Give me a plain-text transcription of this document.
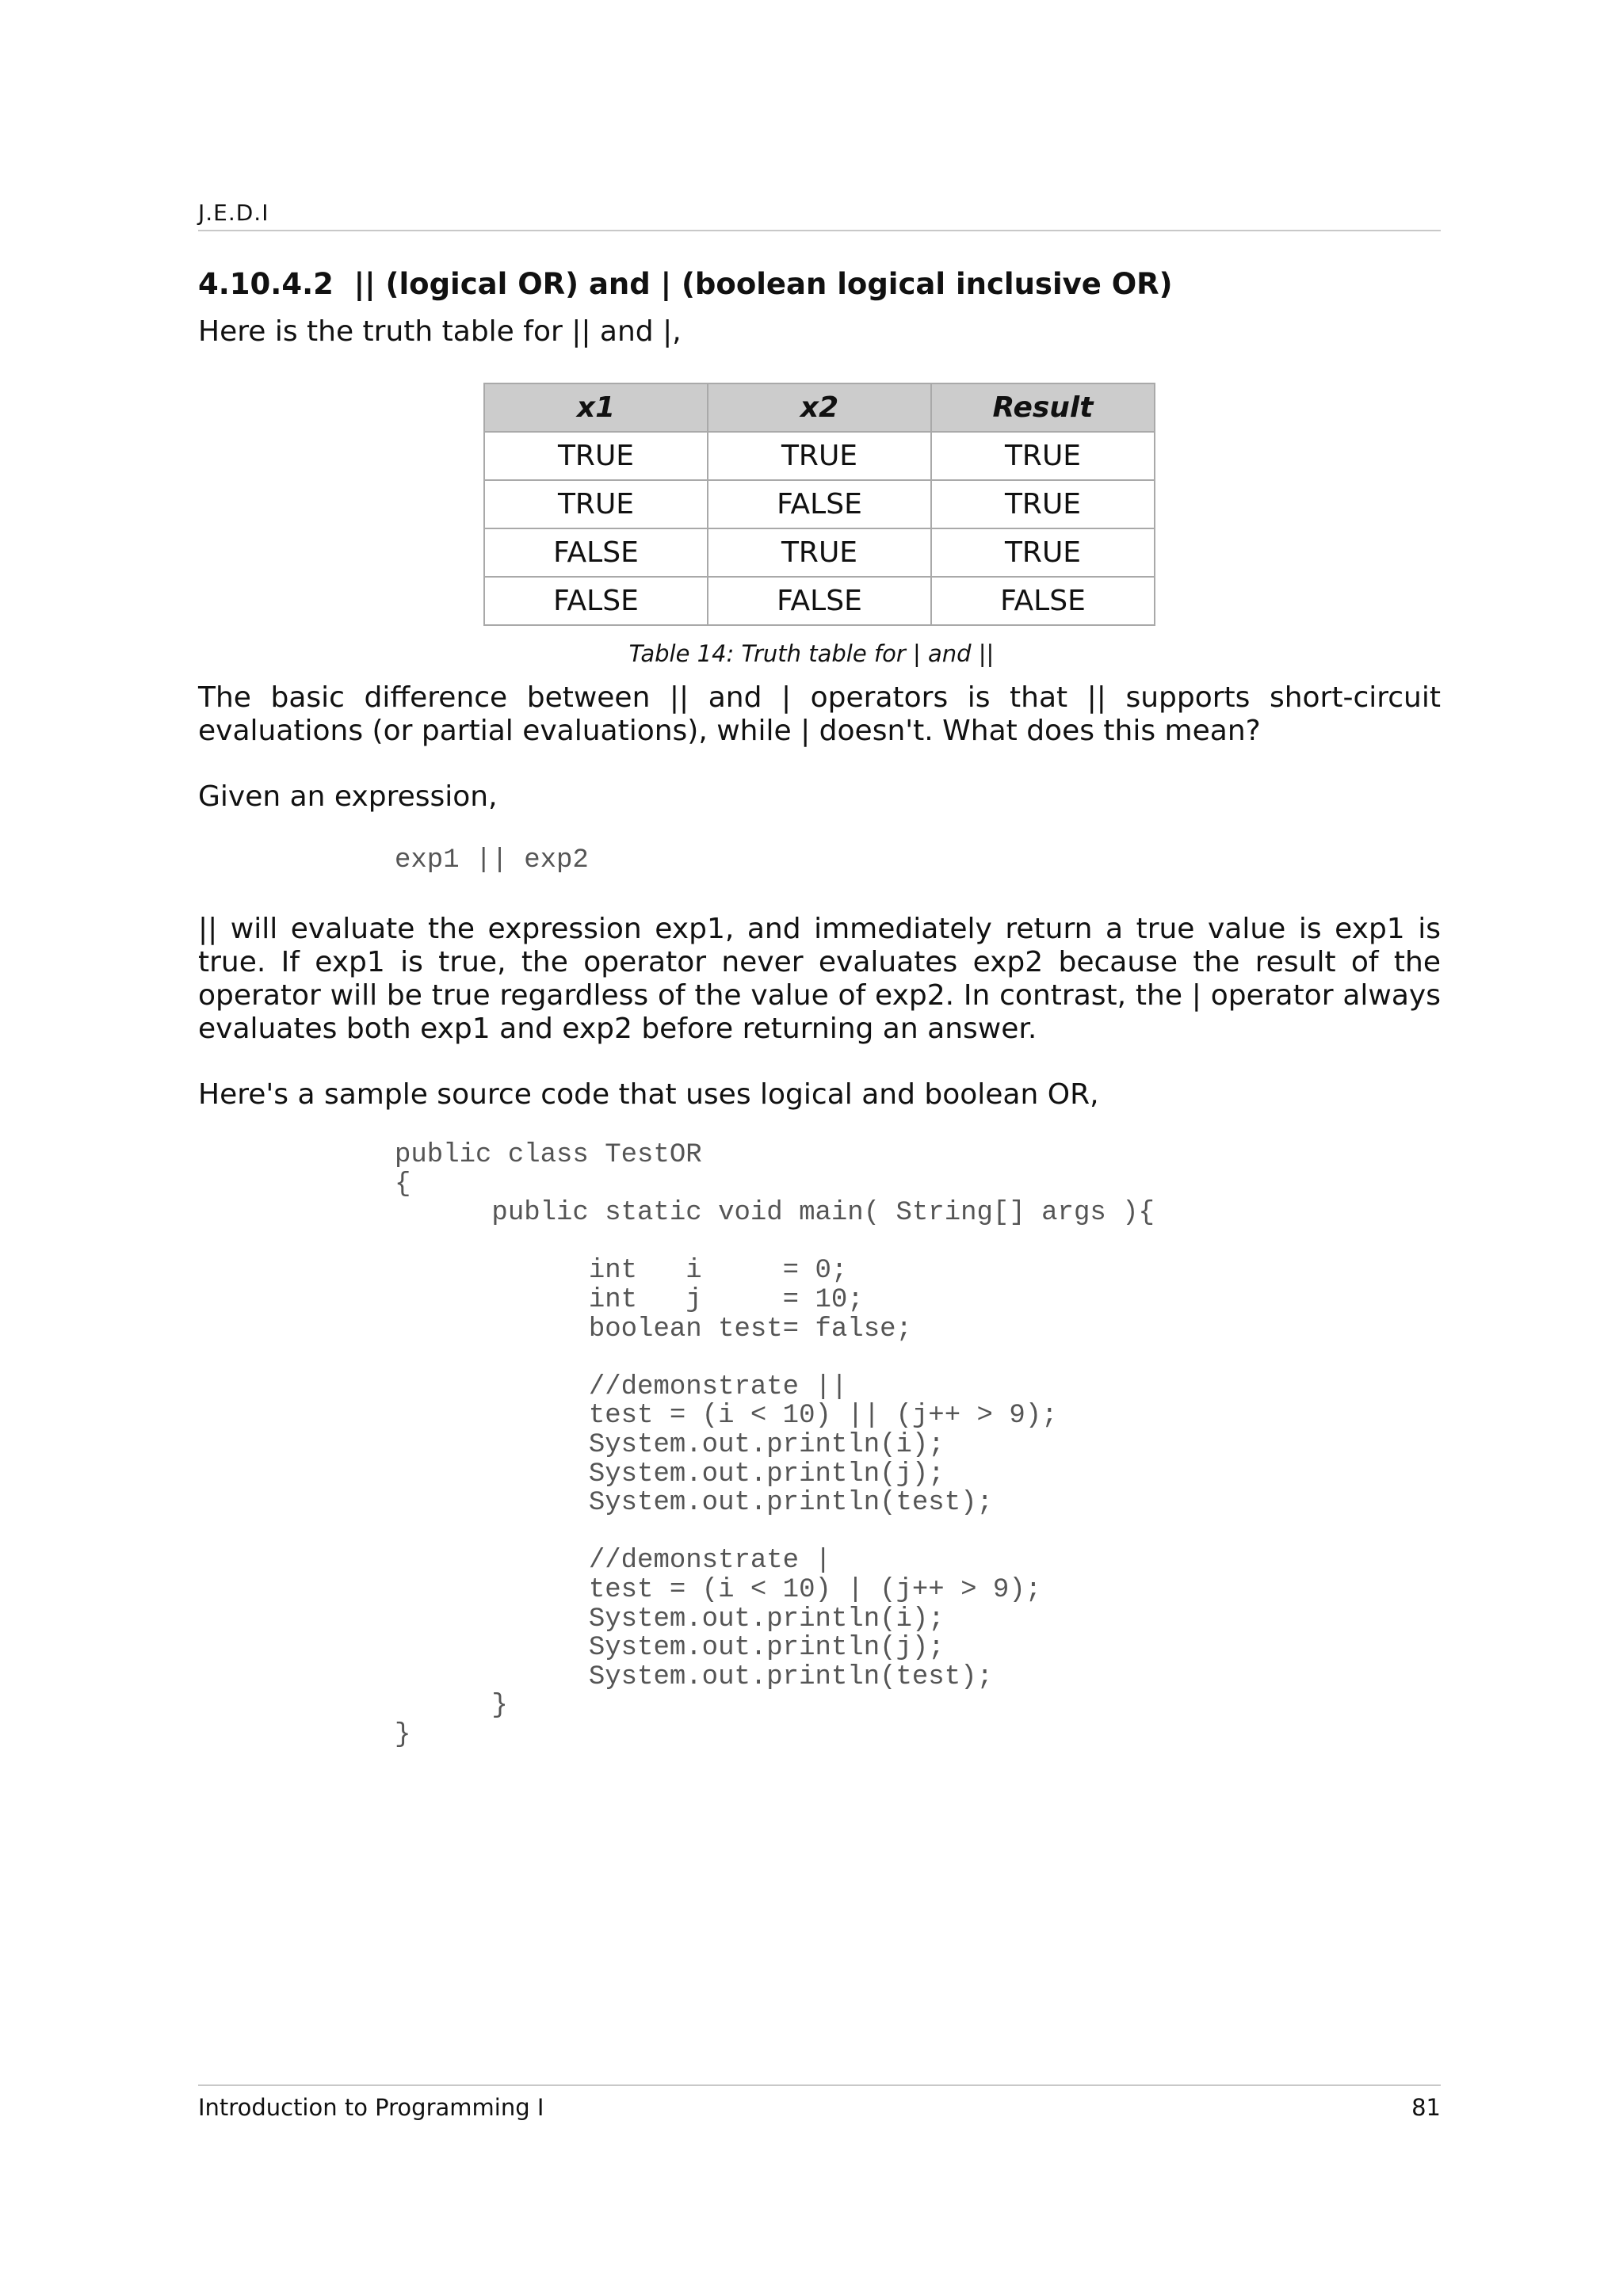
J.E.D.I
4.10.4.2  || (logical OR) and | (boolean logical inclusive OR)
Here is the truth table for || and |,
x1	x2	Result
TRUE	TRUE	TRUE
TRUE	FALSE	TRUE
FALSE	TRUE	TRUE
FALSE	FALSE	FALSE
Table 14: Truth table for | and ||
The basic difference between || and | operators is that || supports short-circuit evaluations (or partial evaluations), while | doesn't. What does this mean?
Given an expression,
exp1 || exp2
|| will evaluate the expression exp1, and immediately return a true value is exp1 is true. If exp1 is true, the operator never evaluates exp2 because the result of the operator will be true regardless of the value of exp2. In contrast, the | operator always evaluates both exp1 and exp2 before returning an answer.
Here's a sample source code that uses logical and boolean OR,
public class TestOR
{
public static void main( String[] args ){

int   i     = 0;
int   j     = 10;
boolean test= false;

//demonstrate ||
test = (i < 10) || (j++ > 9);
System.out.println(i);
System.out.println(j);
System.out.println(test);

//demonstrate |
test = (i < 10) | (j++ > 9);
System.out.println(i);
System.out.println(j);
System.out.println(test);
}
}
Introduction to Programming I	81
